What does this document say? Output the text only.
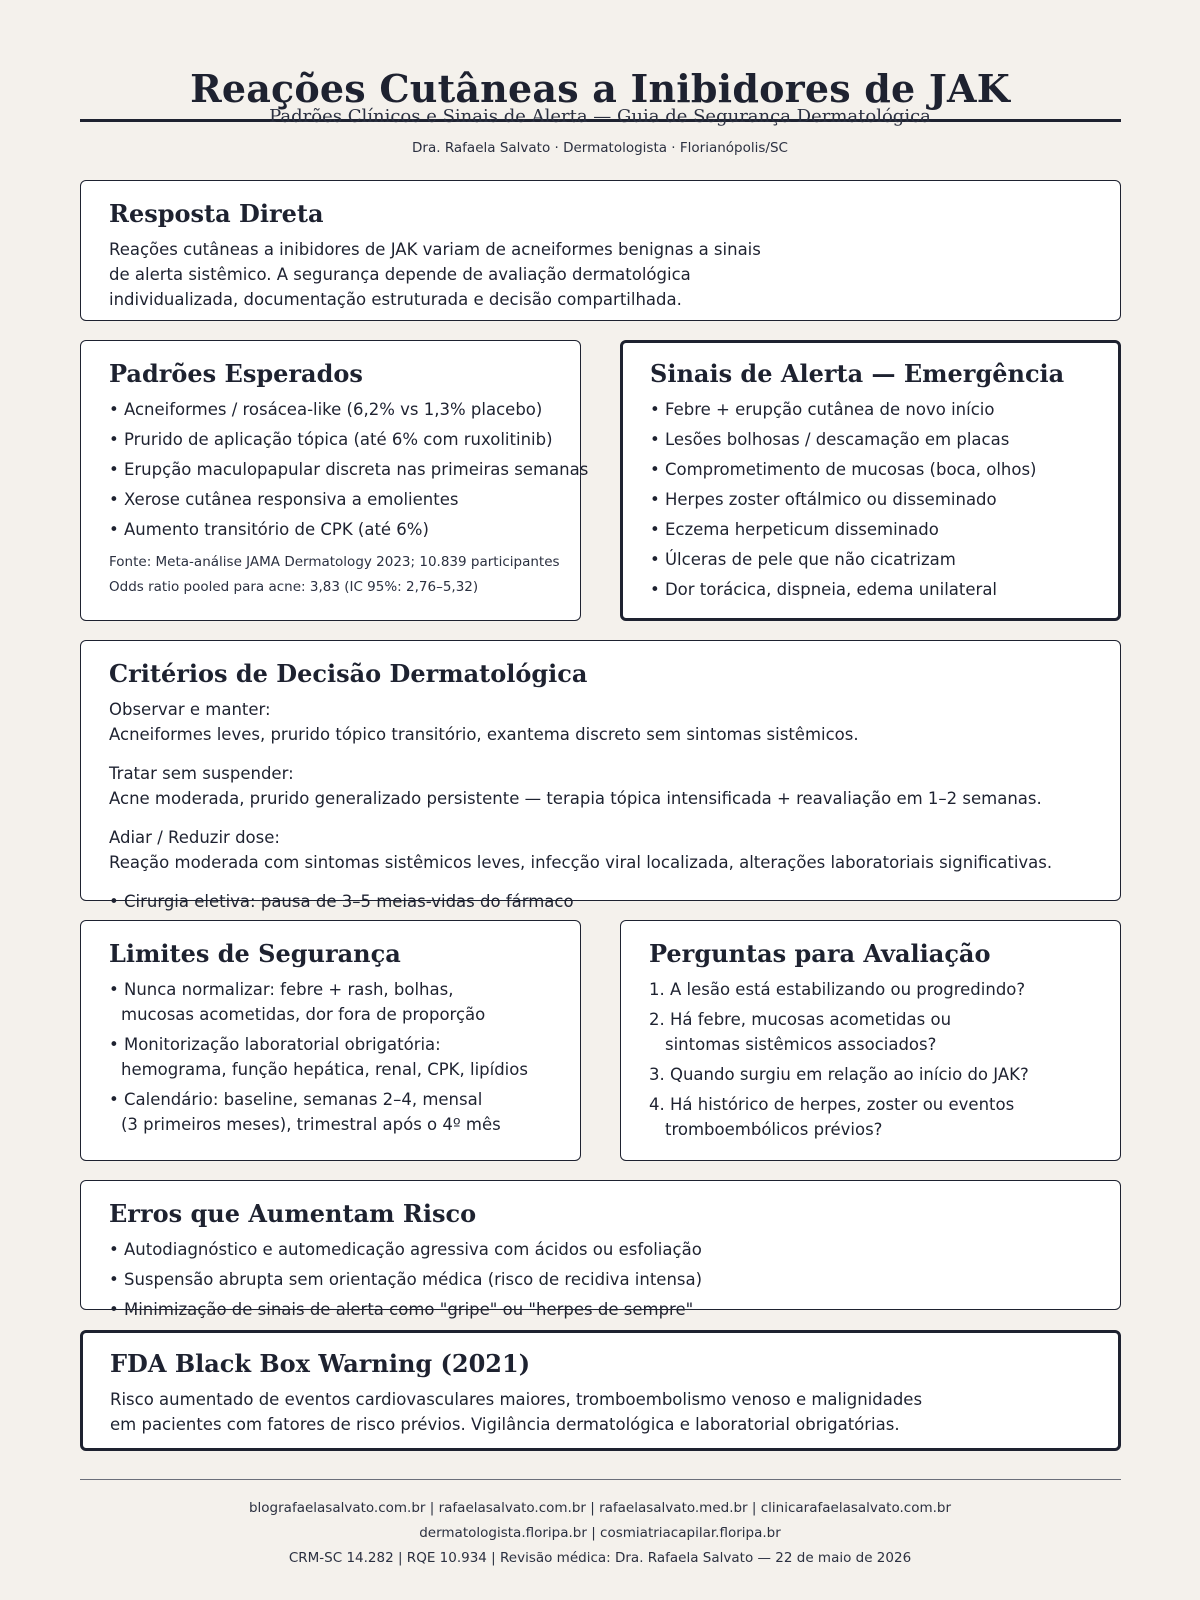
Reações Cutâneas a Inibidores de JAK
Padrões Clínicos e Sinais de Alerta — Guia de Segurança Dermatológica
Dra. Rafaela Salvato · Dermatologista · Florianópolis/SC
Resposta Direta

Reações cutâneas a inibidores de JAK variam de acneiformes benignas a sinais

de alerta sistêmico. A segurança depende de avaliação dermatológica

individualizada, documentação estruturada e decisão compartilhada.

Padrões Esperados
• Acneiformes / rosácea-like (6,2% vs 1,3% placebo)
• Prurido de aplicação tópica (até 6% com ruxolitinib)
• Erupção maculopapular discreta nas primeiras semanas
• Xerose cutânea responsiva a emolientes
• Aumento transitório de CPK (até 6%)
Fonte: Meta-análise JAMA Dermatology 2023; 10.839 participantes
Odds ratio pooled para acne: 3,83 (IC 95%: 2,76–5,32)
Sinais de Alerta — Emergência
• Febre + erupção cutânea de novo início
• Lesões bolhosas / descamação em placas
• Comprometimento de mucosas (boca, olhos)
• Herpes zoster oftálmico ou disseminado
• Eczema herpeticum disseminado
• Úlceras de pele que não cicatrizam
• Dor torácica, dispneia, edema unilateral
Critérios de Decisão Dermatológica
Observar e manter:
Acneiformes leves, prurido tópico transitório, exantema discreto sem sintomas sistêmicos.
Tratar sem suspender:
Acne moderada, prurido generalizado persistente — terapia tópica intensificada + reavaliação em 1–2 semanas.
Adiar / Reduzir dose:
Reação moderada com sintomas sistêmicos leves, infecção viral localizada, alterações laboratoriais significativas.
• Cirurgia eletiva: pausa de 3–5 meias-vidas do fármaco
Limites de Segurança
• Nunca normalizar: febre + rash, bolhas,
mucosas acometidas, dor fora de proporção
• Monitorização laboratorial obrigatória:
hemograma, função hepática, renal, CPK, lipídios
• Calendário: baseline, semanas 2–4, mensal
(3 primeiros meses), trimestral após o 4º mês
Perguntas para Avaliação
1. A lesão está estabilizando ou progredindo?
2. Há febre, mucosas acometidas ou
sintomas sistêmicos associados?
3. Quando surgiu em relação ao início do JAK?
4. Há histórico de herpes, zoster ou eventos
tromboembólicos prévios?
Erros que Aumentam Risco
• Autodiagnóstico e automedicação agressiva com ácidos ou esfoliação
• Suspensão abrupta sem orientação médica (risco de recidiva intensa)
• Minimização de sinais de alerta como "gripe" ou "herpes de sempre"
FDA Black Box Warning (2021)

Risco aumentado de eventos cardiovasculares maiores, tromboembolismo venoso e malignidades

em pacientes com fatores de risco prévios. Vigilância dermatológica e laboratorial obrigatórias.

blografaelasalvato.com.br | rafaelasalvato.com.br | rafaelasalvato.med.br | clinicarafaelasalvato.com.br
dermatologista.floripa.br | cosmiatriacapilar.floripa.br
CRM-SC 14.282 | RQE 10.934 | Revisão médica: Dra. Rafaela Salvato — 22 de maio de 2026
